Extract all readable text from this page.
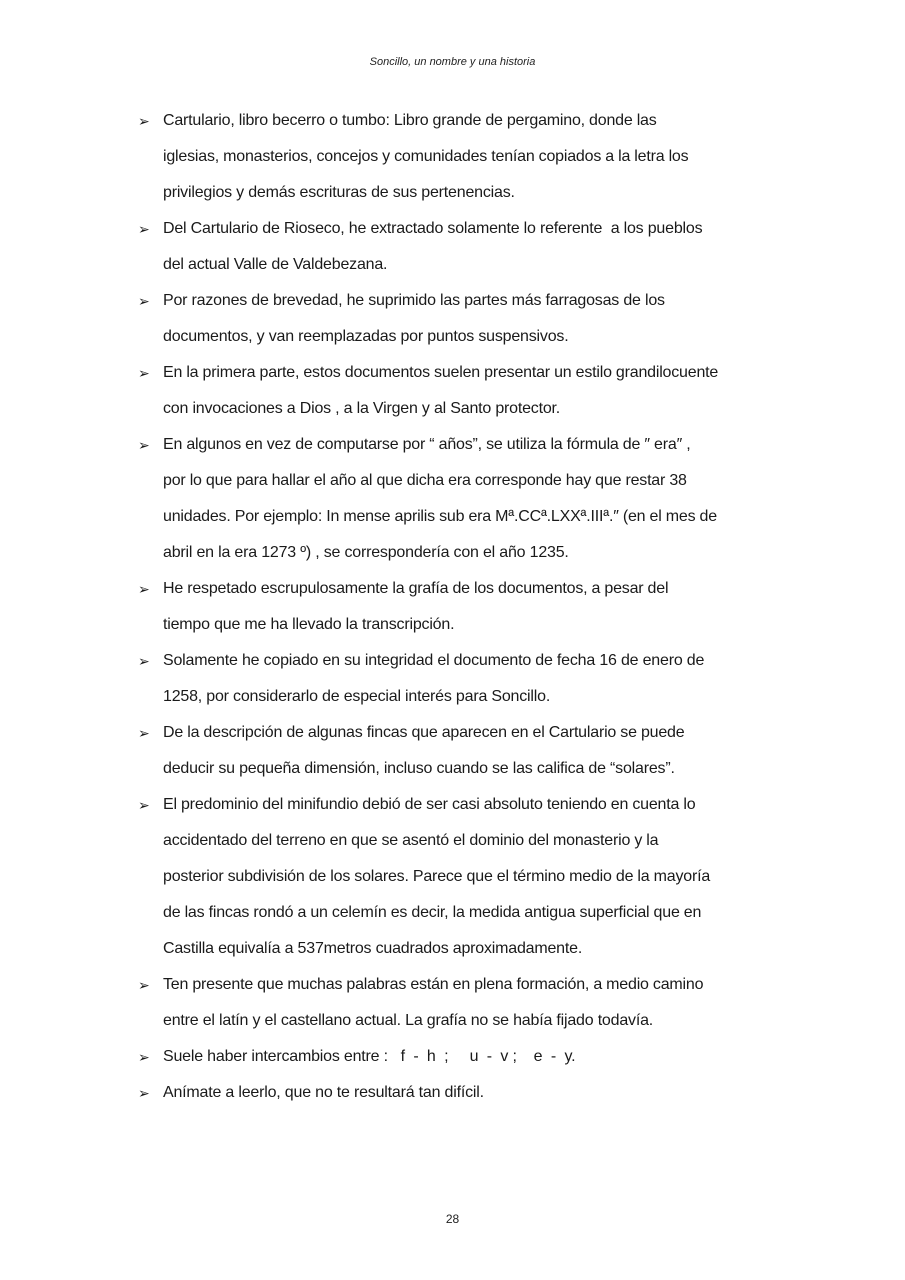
Soncillo, un nombre y una historia
➢ Cartulario, libro becerro o tumbo: Libro grande de pergamino, donde las
iglesias, monasterios, concejos y comunidades tenían copiados a la letra los
privilegios y demás escrituras de sus pertenencias.
➢ Del Cartulario de Rioseco, he extractado solamente lo referente  a los pueblos
del actual Valle de Valdebezana.
➢ Por razones de brevedad, he suprimido las partes más farragosas de los
documentos, y van reemplazadas por puntos suspensivos.
➢ En la primera parte, estos documentos suelen presentar un estilo grandilocuente
con invocaciones a Dios , a la Virgen y al Santo protector.
➢ En algunos en vez de computarse por “ años”, se utiliza la fórmula de ″ era″ ,
por lo que para hallar el año al que dicha era corresponde hay que restar 38
unidades. Por ejemplo: In mense aprilis sub era Mª.CCª.LXXª.IIIª.″ (en el mes de
abril en la era 1273 º) , se correspondería con el año 1235.
➢ He respetado escrupulosamente la grafía de los documentos, a pesar del
tiempo que me ha llevado la transcripción.
➢ Solamente he copiado en su integridad el documento de fecha 16 de enero de
1258, por considerarlo de especial interés para Soncillo.
➢ De la descripción de algunas fincas que aparecen en el Cartulario se puede
deducir su pequeña dimensión, incluso cuando se las califica de “solares”.
➢ El predominio del minifundio debió de ser casi absoluto teniendo en cuenta lo
accidentado del terreno en que se asentó el dominio del monasterio y la
posterior subdivisión de los solares. Parece que el término medio de la mayoría
de las fincas rondó a un celemín es decir, la medida antigua superficial que en
Castilla equivalía a 537metros cuadrados aproximadamente.
➢ Ten presente que muchas palabras están en plena formación, a medio camino
entre el latín y el castellano actual. La grafía no se había fijado todavía.
➢ Suele haber intercambios entre :   f  -  h  ;     u  -  v ;    e  -  y.
➢ Anímate a leerlo, que no te resultará tan difícil.
28
